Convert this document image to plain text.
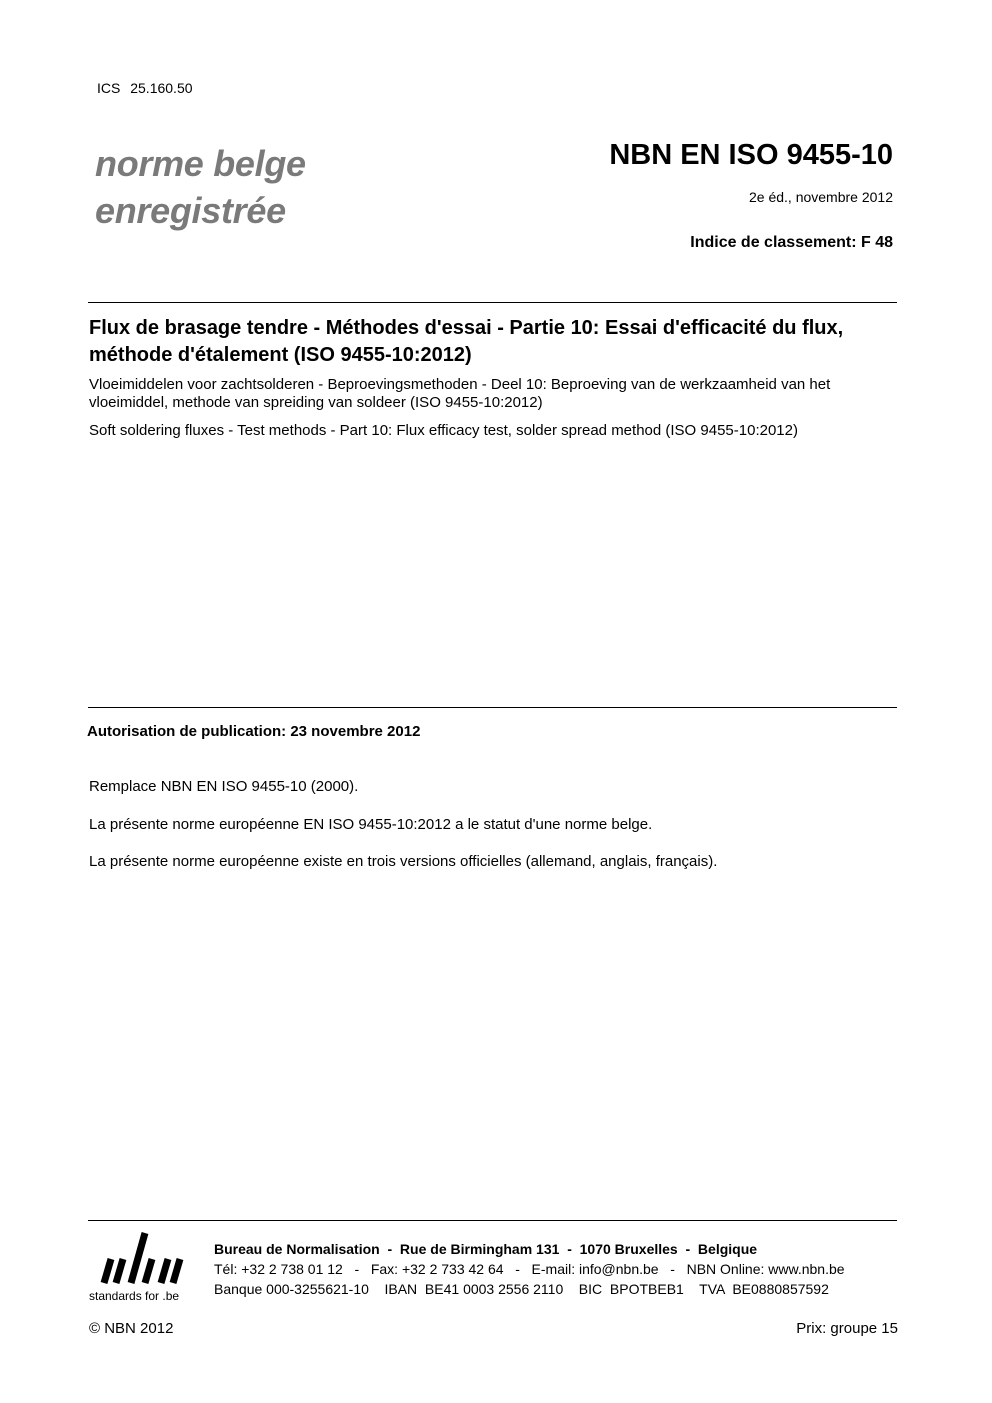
ICS 25.160.50
norme belge
enregistrée
NBN EN ISO 9455-10
2e éd., novembre 2012
Indice de classement: F 48
Flux de brasage tendre - Méthodes d'essai - Partie 10: Essai d'efficacité du flux, méthode d'étalement (ISO 9455-10:2012)
Vloeimiddelen voor zachtsolderen - Beproevingsmethoden - Deel 10: Beproeving van de werkzaamheid van het vloeimiddel, methode van spreiding van soldeer (ISO 9455-10:2012)
Soft soldering fluxes - Test methods - Part 10: Flux efficacy test, solder spread method (ISO 9455-10:2012)
Autorisation de publication: 23 novembre 2012
Remplace NBN EN ISO 9455-10 (2000).
La présente norme européenne EN ISO 9455-10:2012 a le statut d'une norme belge.
La présente norme européenne existe en trois versions officielles (allemand, anglais, français).
standards for .be
Bureau de Normalisation  -  Rue de Birmingham 131  -  1070 Bruxelles  -  Belgique
Tél: +32 2 738 01 12   -   Fax: +32 2 733 42 64   -   E-mail: info@nbn.be   -   NBN Online: www.nbn.be
Banque 000-3255621-10    IBAN  BE41 0003 2556 2110    BIC  BPOTBEB1    TVA  BE0880857592
© NBN 2012	Prix: groupe 15
